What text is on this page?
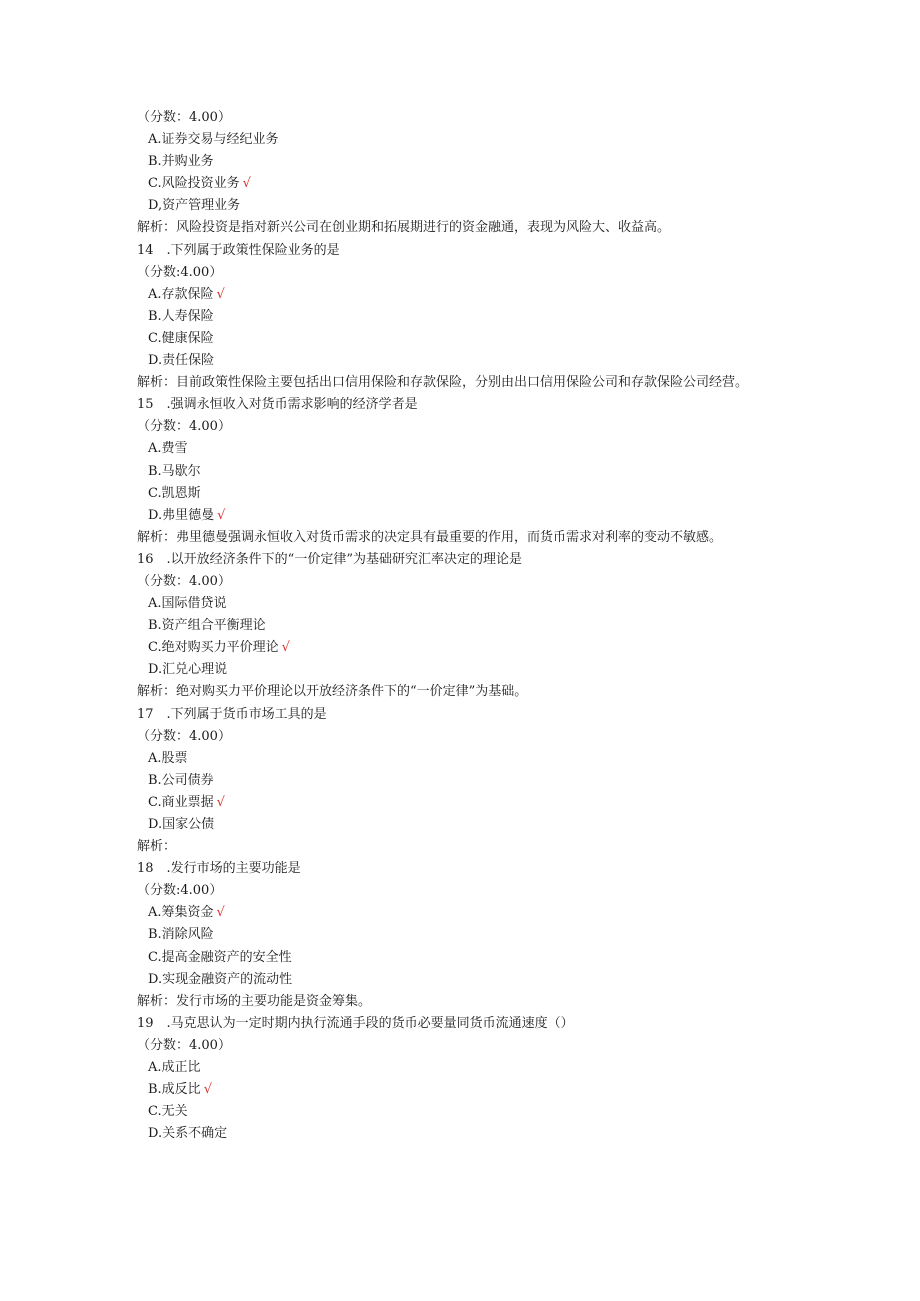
（分数：4.00）
A.证券交易与经纪业务
B.并购业务
C.风险投资业务 √
D,资产管理业务
解析：风险投资是指对新兴公司在创业期和拓展期进行的资金融通，表现为风险大、收益高。
14　.下列属于政策性保险业务的是
（分数:4.00）
A.存款保险 √
B.人寿保险
C.健康保险
D.责任保险
解析：目前政策性保险主要包括出口信用保险和存款保险，分别由出口信用保险公司和存款保险公司经营。
15　.强调永恒收入对货币需求影响的经济学者是
（分数：4.00）
A.费雪
B.马歇尔
C.凯恩斯
D.弗里德曼 √
解析：弗里德曼强调永恒收入对货币需求的决定具有最重要的作用，而货币需求对利率的变动不敏感。
16　.以开放经济条件下的“一价定律”为基础研究汇率决定的理论是
（分数：4.00）
A.国际借贷说
B.资产组合平衡理论
C.绝对购买力平价理论 √
D.汇兑心理说
解析：绝对购买力平价理论以开放经济条件下的“一价定律”为基础。
17　.下列属于货币市场工具的是
（分数：4.00）
A.股票
B.公司债券
C.商业票据 √
D.国家公债
解析：
18　.发行市场的主要功能是
（分数:4.00）
A.筹集资金 √
B.消除风险
C.提高金融资产的安全性
D.实现金融资产的流动性
解析：发行市场的主要功能是资金筹集。
19　.马克思认为一定时期内执行流通手段的货币必要量同货币流通速度（）
（分数：4.00）
A.成正比
B.成反比 √
C.无关
D.关系不确定
